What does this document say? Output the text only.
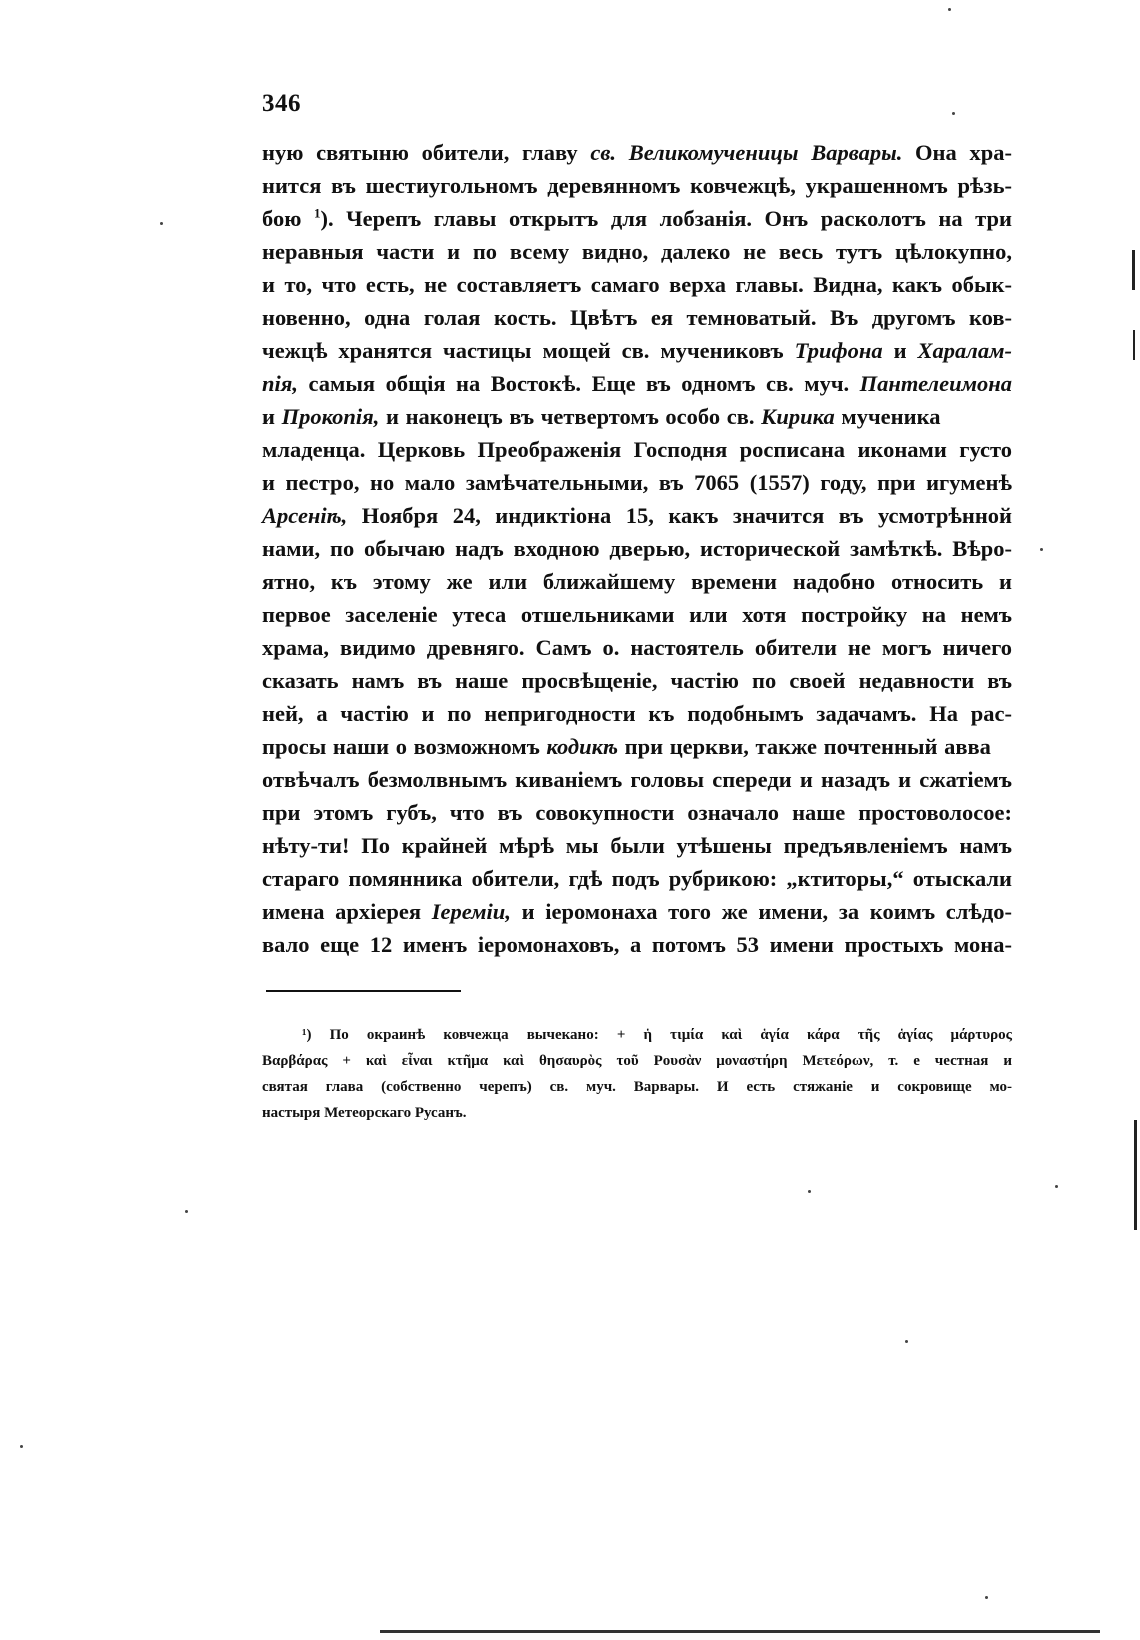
346
ную святыню обители, главу св. Великомученицы Варвары. Она хра-
нится въ шестиугольномъ деревянномъ ковчежцѣ, украшенномъ рѣзь-
бою $^1$). Черепъ главы открытъ для лобзанія. Онъ расколотъ на три
неравныя части и по всему видно, далеко не весь тутъ цѣлокупно,
и то, что есть, не составляетъ самаго верха главы. Видна, какъ обык-
новенно, одна голая кость. Цвѣтъ ея темноватый. Въ другомъ ков-
чежцѣ хранятся частицы мощей св. мучениковъ Трифона и Харалам-
пія, самыя общія на Востокѣ. Еще въ одномъ св. муч. Пантелеимона
и Прокопія, и наконецъ въ четвертомъ особо св. Кирика мученика
младенца. Церковь Преображенія Господня росписана иконами густо
и пестро, но мало замѣчательными, въ 7065 (1557) году, при игуменѣ
Арсеніѣ, Ноября 24, индиктіона 15, какъ значится въ усмотрѣнной
нами, по обычаю надъ входною дверью, исторической замѣткѣ. Вѣро-
ятно, къ этому же или ближайшему времени надобно относить и
первое заселеніе утеса отшельниками или хотя постройку на немъ
храма, видимо древняго. Самъ о. настоятель обители не могъ ничего
сказать намъ въ наше просвѣщеніе, частію по своей недавности въ
ней, а частію и по непригодности къ подобнымъ задачамъ. На рас-
просы наши о возможномъ кодикѣ при церкви, также почтенный авва
отвѣчалъ безмолвнымъ киваніемъ головы спереди и назадъ и сжатіемъ
при этомъ губъ, что въ совокупности означало наше простоволосое:
нѣту-ти! По крайней мѣрѣ мы были утѣшены предъявленіемъ намъ
стараго помянника обители, гдѣ подъ рубрикою: „ктиторы,“ отыскали
имена архіерея Іеремiи, и іеромонаха того же имени, за коимъ слѣдо-
вало еще 12 именъ іеромонаховъ, а потомъ 53 имени простыхъ мона-
¹) По окраинѣ ковчежца вычекано: + ἡ τιμία καὶ ἁγία κάρα τῆς ἁγίας μάρτυρος
Βαρβάρας + καὶ εἶναι κτῆμα καὶ θησαυρὸς τοῦ Ρουσὰν μοναστήρη Μετεόρων, т. е честная и
святая глава (собственно черепъ) св. муч. Варвары. И есть стяжаніе и сокровище мо-
настыря Метеорскаго Русанъ.
